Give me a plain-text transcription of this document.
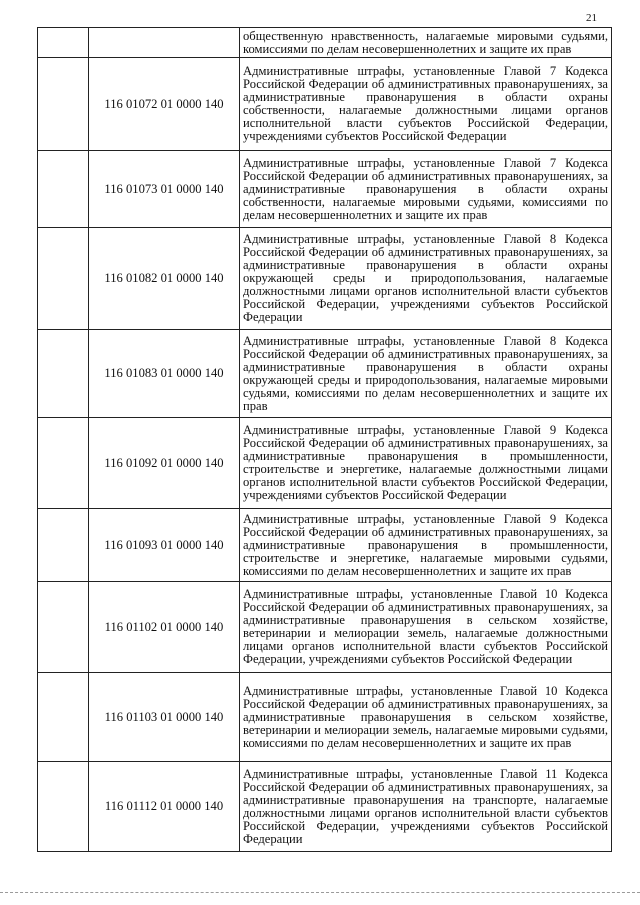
21
		общественную нравственность, налагаемые мировыми судьями, комиссиями по делам несовершеннолетних и защите их прав
	116 01072 01 0000 140	Административные штрафы, установленные Главой 7 Кодекса Российской Федерации об административных правонарушениях, за административные правонарушения в области охраны собственности, налагаемые должностными лицами органов исполнительной власти субъектов Российской Федерации, учреждениями субъектов Российской Федерации
	116 01073 01 0000 140	Административные штрафы, установленные Главой 7 Кодекса Российской Федерации об административных правонарушениях, за административные правонарушения в области охраны собственности, налагаемые мировыми судьями, комиссиями по делам несовершеннолетних и защите их прав
	116 01082 01 0000 140	Административные штрафы, установленные Главой 8 Кодекса Российской Федерации об административных правонарушениях, за административные правонарушения в области охраны окружающей среды и природопользования, налагаемые должностными лицами органов исполнительной власти субъектов Российской Федерации, учреждениями субъектов Российской Федерации
	116 01083 01 0000 140	Административные штрафы, установленные Главой 8 Кодекса Российской Федерации об административных правонарушениях, за административные правонарушения в области охраны окружающей среды и природопользования, налагаемые мировыми судьями, комиссиями по делам несовершеннолетних и защите их прав
	116 01092 01 0000 140	Административные штрафы, установленные Главой 9 Кодекса Российской Федерации об административных правонарушениях, за административные правонарушения в промышленности, строительстве и энергетике, налагаемые должностными лицами органов исполнительной власти субъектов Российской Федерации, учреждениями субъектов Российской Федерации
	116 01093 01 0000 140	Административные штрафы, установленные Главой 9 Кодекса Российской Федерации об административных правонарушениях, за административные правонарушения в промышленности, строительстве и энергетике, налагаемые мировыми судьями, комиссиями по делам несовершеннолетних и защите их прав
	116 01102 01 0000 140	Административные штрафы, установленные Главой 10 Кодекса Российской Федерации об административных правонарушениях, за административные правонарушения в сельском хозяйстве, ветеринарии и мелиорации земель, налагаемые должностными лицами органов исполнительной власти субъектов Российской Федерации, учреждениями субъектов Российской Федерации
	116 01103 01 0000 140	Административные штрафы, установленные Главой 10 Кодекса Российской Федерации об административных правонарушениях, за административные правонарушения в сельском хозяйстве, ветеринарии и мелиорации земель, налагаемые мировыми судьями, комиссиями по делам несовершеннолетних и защите их прав
	116 01112 01 0000 140	Административные штрафы, установленные Главой 11 Кодекса Российской Федерации об административных правонарушениях, за административные правонарушения на транспорте, налагаемые должностными лицами органов исполнительной власти субъектов Российской Федерации, учреждениями субъектов Российской Федерации
